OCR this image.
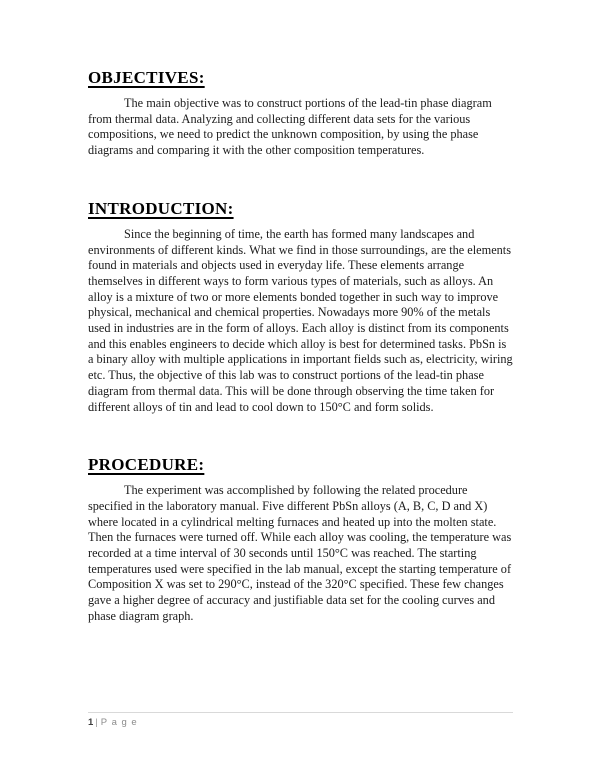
OBJECTIVES:

The main objective was to construct portions of the lead-tin phase diagram from thermal data. Analyzing and collecting different data sets for the various compositions, we need to predict the unknown composition, by using the phase diagrams and comparing it with the other composition temperatures.

INTRODUCTION:

Since the beginning of time, the earth has formed many landscapes and environments of different kinds. What we find in those surroundings, are the elements found in materials and objects used in everyday life. These elements arrange themselves in different ways to form various types of materials, such as alloys. An alloy is a mixture of two or more elements bonded together in such way to improve physical, mechanical and chemical properties. Nowadays more 90% of the metals used in industries are in the form of alloys. Each alloy is distinct from its components and this enables engineers to decide which alloy is best for determined tasks. PbSn is a binary alloy with multiple applications in important fields such as, electricity, wiring etc. Thus, the objective of this lab was to construct portions of the lead-tin phase diagram from thermal data. This will be done through observing the time taken for different alloys of tin and lead to cool down to 150°C and form solids.

PROCEDURE:

The experiment was accomplished by following the related procedure specified in the laboratory manual. Five different PbSn alloys (A, B, C, D and X) where located in a cylindrical melting furnaces and heated up into the molten state. Then the furnaces were turned off. While each alloy was cooling, the temperature was recorded at a time interval of 30 seconds until 150°C was reached. The starting temperatures used were specified in the lab manual, except the starting temperature of Composition X was set to 290°C, instead of the 320°C specified. These few changes gave a higher degree of accuracy and justifiable data set for the cooling curves and phase diagram graph.

1 | P a g e
